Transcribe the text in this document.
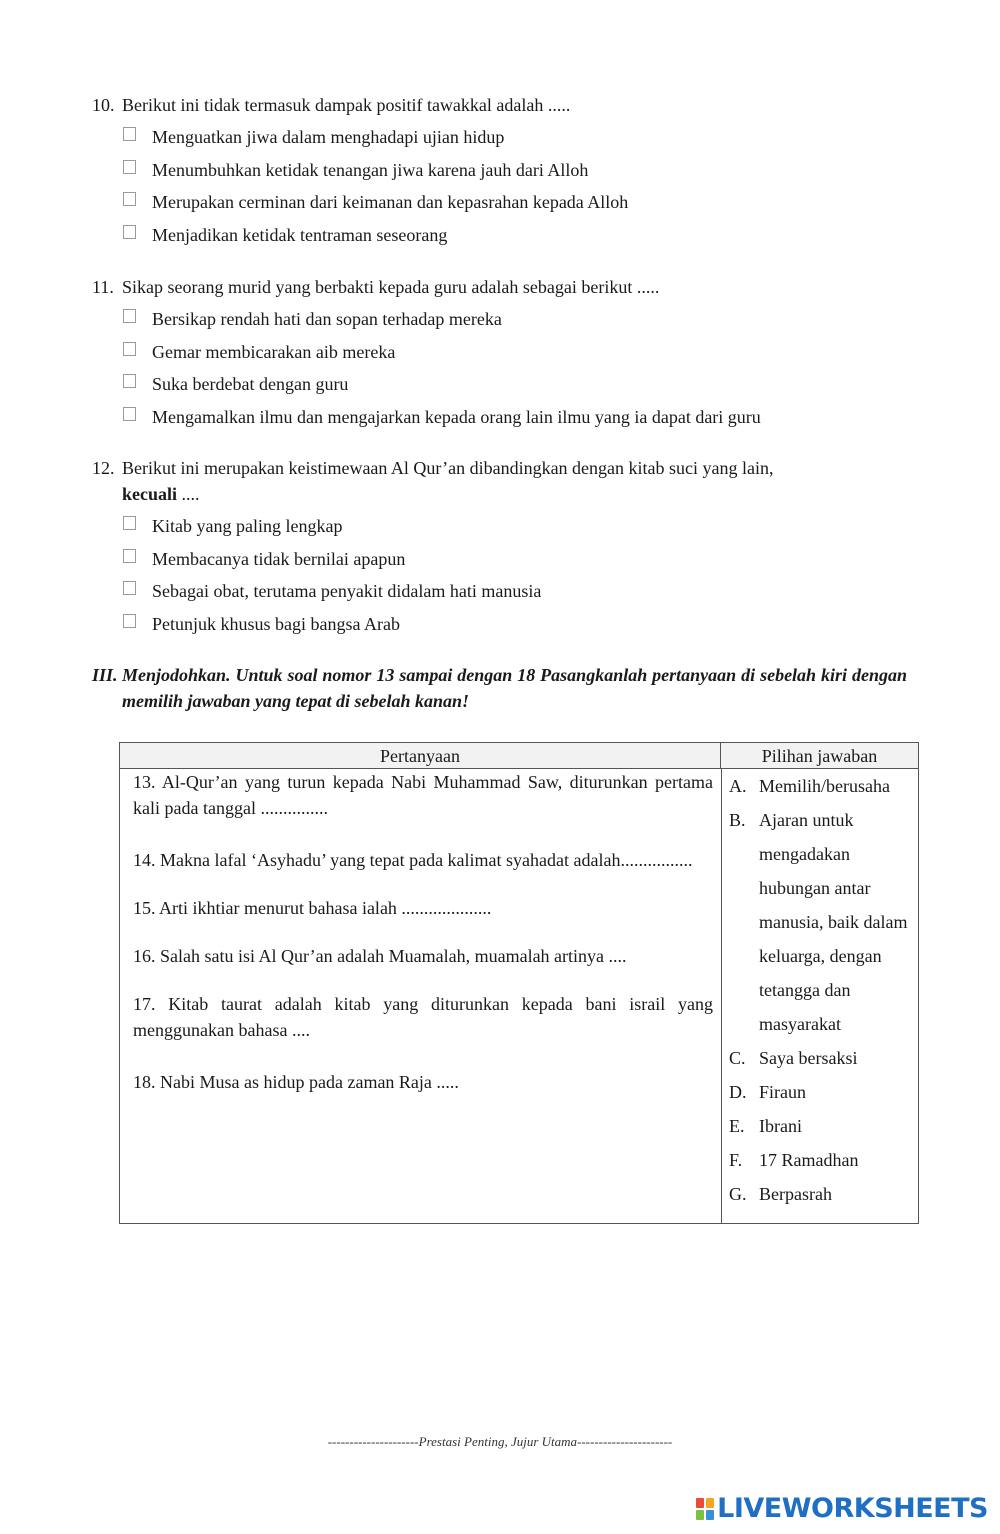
10. Berikut ini tidak termasuk dampak positif tawakkal adalah .....
Menguatkan jiwa dalam menghadapi ujian hidup
Menumbuhkan ketidak tenangan jiwa karena jauh dari Alloh
Merupakan cerminan dari keimanan dan kepasrahan kepada Alloh
Menjadikan ketidak tentraman seseorang
11. Sikap seorang murid yang berbakti kepada guru adalah sebagai berikut .....
Bersikap rendah hati dan sopan terhadap mereka
Gemar membicarakan aib mereka
Suka berdebat dengan guru
Mengamalkan ilmu dan mengajarkan kepada orang lain ilmu yang ia dapat dari guru
12. Berikut ini merupakan keistimewaan Al Qur’an dibandingkan dengan kitab suci yang lain,
kecuali ....
Kitab yang paling lengkap
Membacanya tidak bernilai apapun
Sebagai obat, terutama penyakit didalam hati manusia
Petunjuk khusus bagi bangsa Arab
III. Menjodohkan. Untuk soal nomor 13 sampai dengan 18 Pasangkanlah pertanyaan di sebelah kiri dengan memilih jawaban yang tepat di sebelah kanan!
Pertanyaan	Pilihan jawaban
13. Al-Qur’an yang turun kepada Nabi Muhammad Saw, diturunkan pertama kali pada tanggal ...............
14. Makna lafal ‘Asyhadu’ yang tepat pada kalimat syahadat adalah................
15. Arti ikhtiar menurut bahasa ialah ....................
16. Salah satu isi Al Qur’an adalah Muamalah, muamalah artinya ....
17. Kitab taurat adalah kitab yang diturunkan kepada bani israil yang menggunakan bahasa ....
18. Nabi Musa as hidup pada zaman Raja .....
A. Memilih/berusaha
B. Ajaran untuk mengadakan hubungan antar manusia, baik dalam keluarga, dengan tetangga dan masyarakat
C. Saya bersaksi
D. Firaun
E. Ibrani
F. 17 Ramadhan
G. Berpasrah
---------------------Prestasi Penting, Jujur Utama----------------------
LIVEWORKSHEETS
